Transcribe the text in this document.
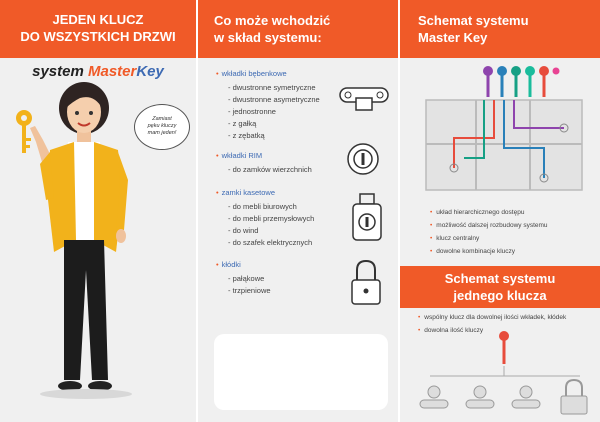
JEDEN KLUCZ
DO WSZYSTKICH DRZWI
system MasterKey
Zamiast
pęku kluczy
mam jeden!
Co może wchodzić
w skład systemu:
• wkładki bębenkowe
- dwustronne symetryczne
- dwustronne asymetryczne
- jednostronne
- z gałką
- z zębatką
• wkładki RIM
- do zamków wierzchnich
• zamki kasetowe
- do mebli biurowych
- do mebli przemysłowych
- do wind
- do szafek elektrycznych
• kłódki
- pałąkowe
- trzpieniowe
Schemat systemu
Master Key
• układ hierarchicznego dostępu
• możliwość dalszej rozbudowy systemu
• klucz centralny
• dowolne kombinacje kluczy
Schemat systemu
jednego klucza
• wspólny klucz dla dowolnej ilości wkładek, kłódek
• dowolna ilość kluczy
